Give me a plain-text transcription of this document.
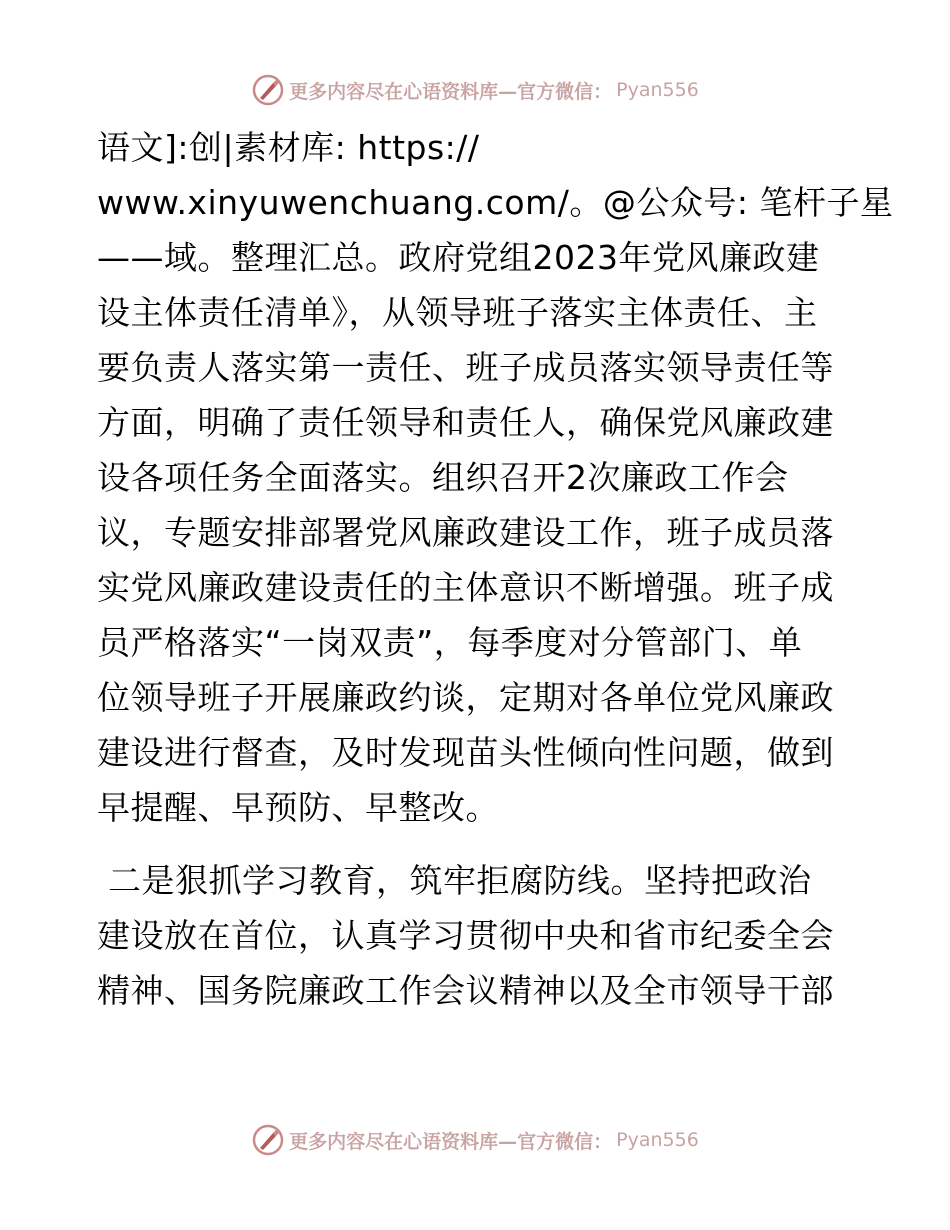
更多内容尽在心语资料库—官方微信： Pyan556
语文]:创|素材库: https://
www.xinyuwenchuang.com/。@公众号: 笔杆子星
——域。整理汇总。政府党组2023年党风廉政建
设主体责任清单》，从领导班子落实主体责任、主
要负责人落实第一责任、班子成员落实领导责任等
方面，明确了责任领导和责任人，确保党风廉政建
设各项任务全面落实。组织召开2次廉政工作会
议，专题安排部署党风廉政建设工作，班子成员落
实党风廉政建设责任的主体意识不断增强。班子成
员严格落实“一岗双责”，每季度对分管部门、单
位领导班子开展廉政约谈，定期对各单位党风廉政
建设进行督查，及时发现苗头性倾向性问题，做到
早提醒、早预防、早整改。
二是狠抓学习教育，筑牢拒腐防线。坚持把政治
建设放在首位，认真学习贯彻中央和省市纪委全会
精神、国务院廉政工作会议精神以及全市领导干部
更多内容尽在心语资料库—官方微信： Pyan556
